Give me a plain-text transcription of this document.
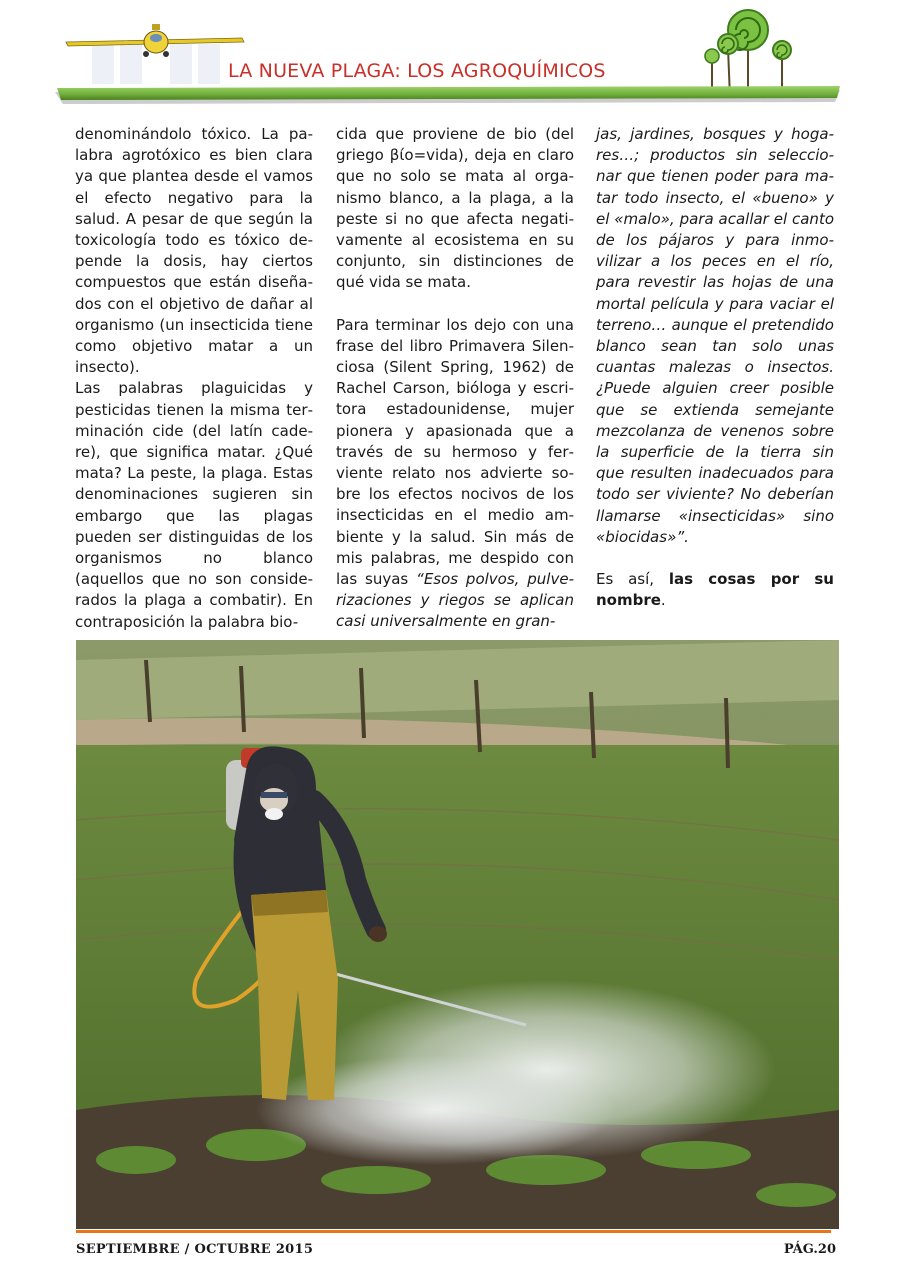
LA NUEVA PLAGA: LOS AGROQUÍMICOS

denominándolo tóxico. La palabra agrotóxico es bien clara ya que plantea desde el vamos el efecto negativo para la salud. A pesar de que según la toxicología todo es tóxico depende la dosis, hay ciertos compuestos que están diseñados con el objetivo de dañar al organismo (un insecticida tiene como objetivo matar a un insecto).

Las palabras plaguicidas y pesticidas tienen la misma terminación cide (del latín cadere), que significa matar. ¿Qué mata? La peste, la plaga. Estas denominaciones sugieren sin embargo que las plagas pueden ser distinguidas de los organismos no blanco (aquellos que no son considerados la plaga a combatir). En contraposición la palabra bio-

cida que proviene de bio (del griego βίο=vida), deja en claro que no solo se mata al organismo blanco, a la plaga, a la peste si no que afecta negativamente al ecosistema en su conjunto, sin distinciones de qué vida se mata.

Para terminar los dejo con una frase del libro Primavera Silenciosa (Silent Spring, 1962) de Rachel Carson, bióloga y escritora estadounidense, mujer pionera y apasionada que a través de su hermoso y ferviente relato nos advierte sobre los efectos nocivos de los insecticidas en el medio ambiente y la salud. Sin más de mis palabras, me despido con las suyas “Esos polvos, pulverizaciones y riegos se aplican casi universalmente en gran-

jas, jardines, bosques y hogares…; productos sin seleccionar que tienen poder para matar todo insecto, el «bueno» y el «malo», para acallar el canto de los pájaros y para inmovilizar a los peces en el río, para revestir las hojas de una mortal película y para vaciar el terreno… aunque el pretendido blanco sean tan solo unas cuantas malezas o insectos. ¿Puede alguien creer posible que se extienda semejante mezcolanza de venenos sobre la superficie de la tierra sin que resulten inadecuados para todo ser viviente? No deberían llamarse «insecticidas» sino «biocidas»”.

Es así, las cosas por su nombre.

SEPTIEMBRE / OCTUBRE 2015	PÁG.20
